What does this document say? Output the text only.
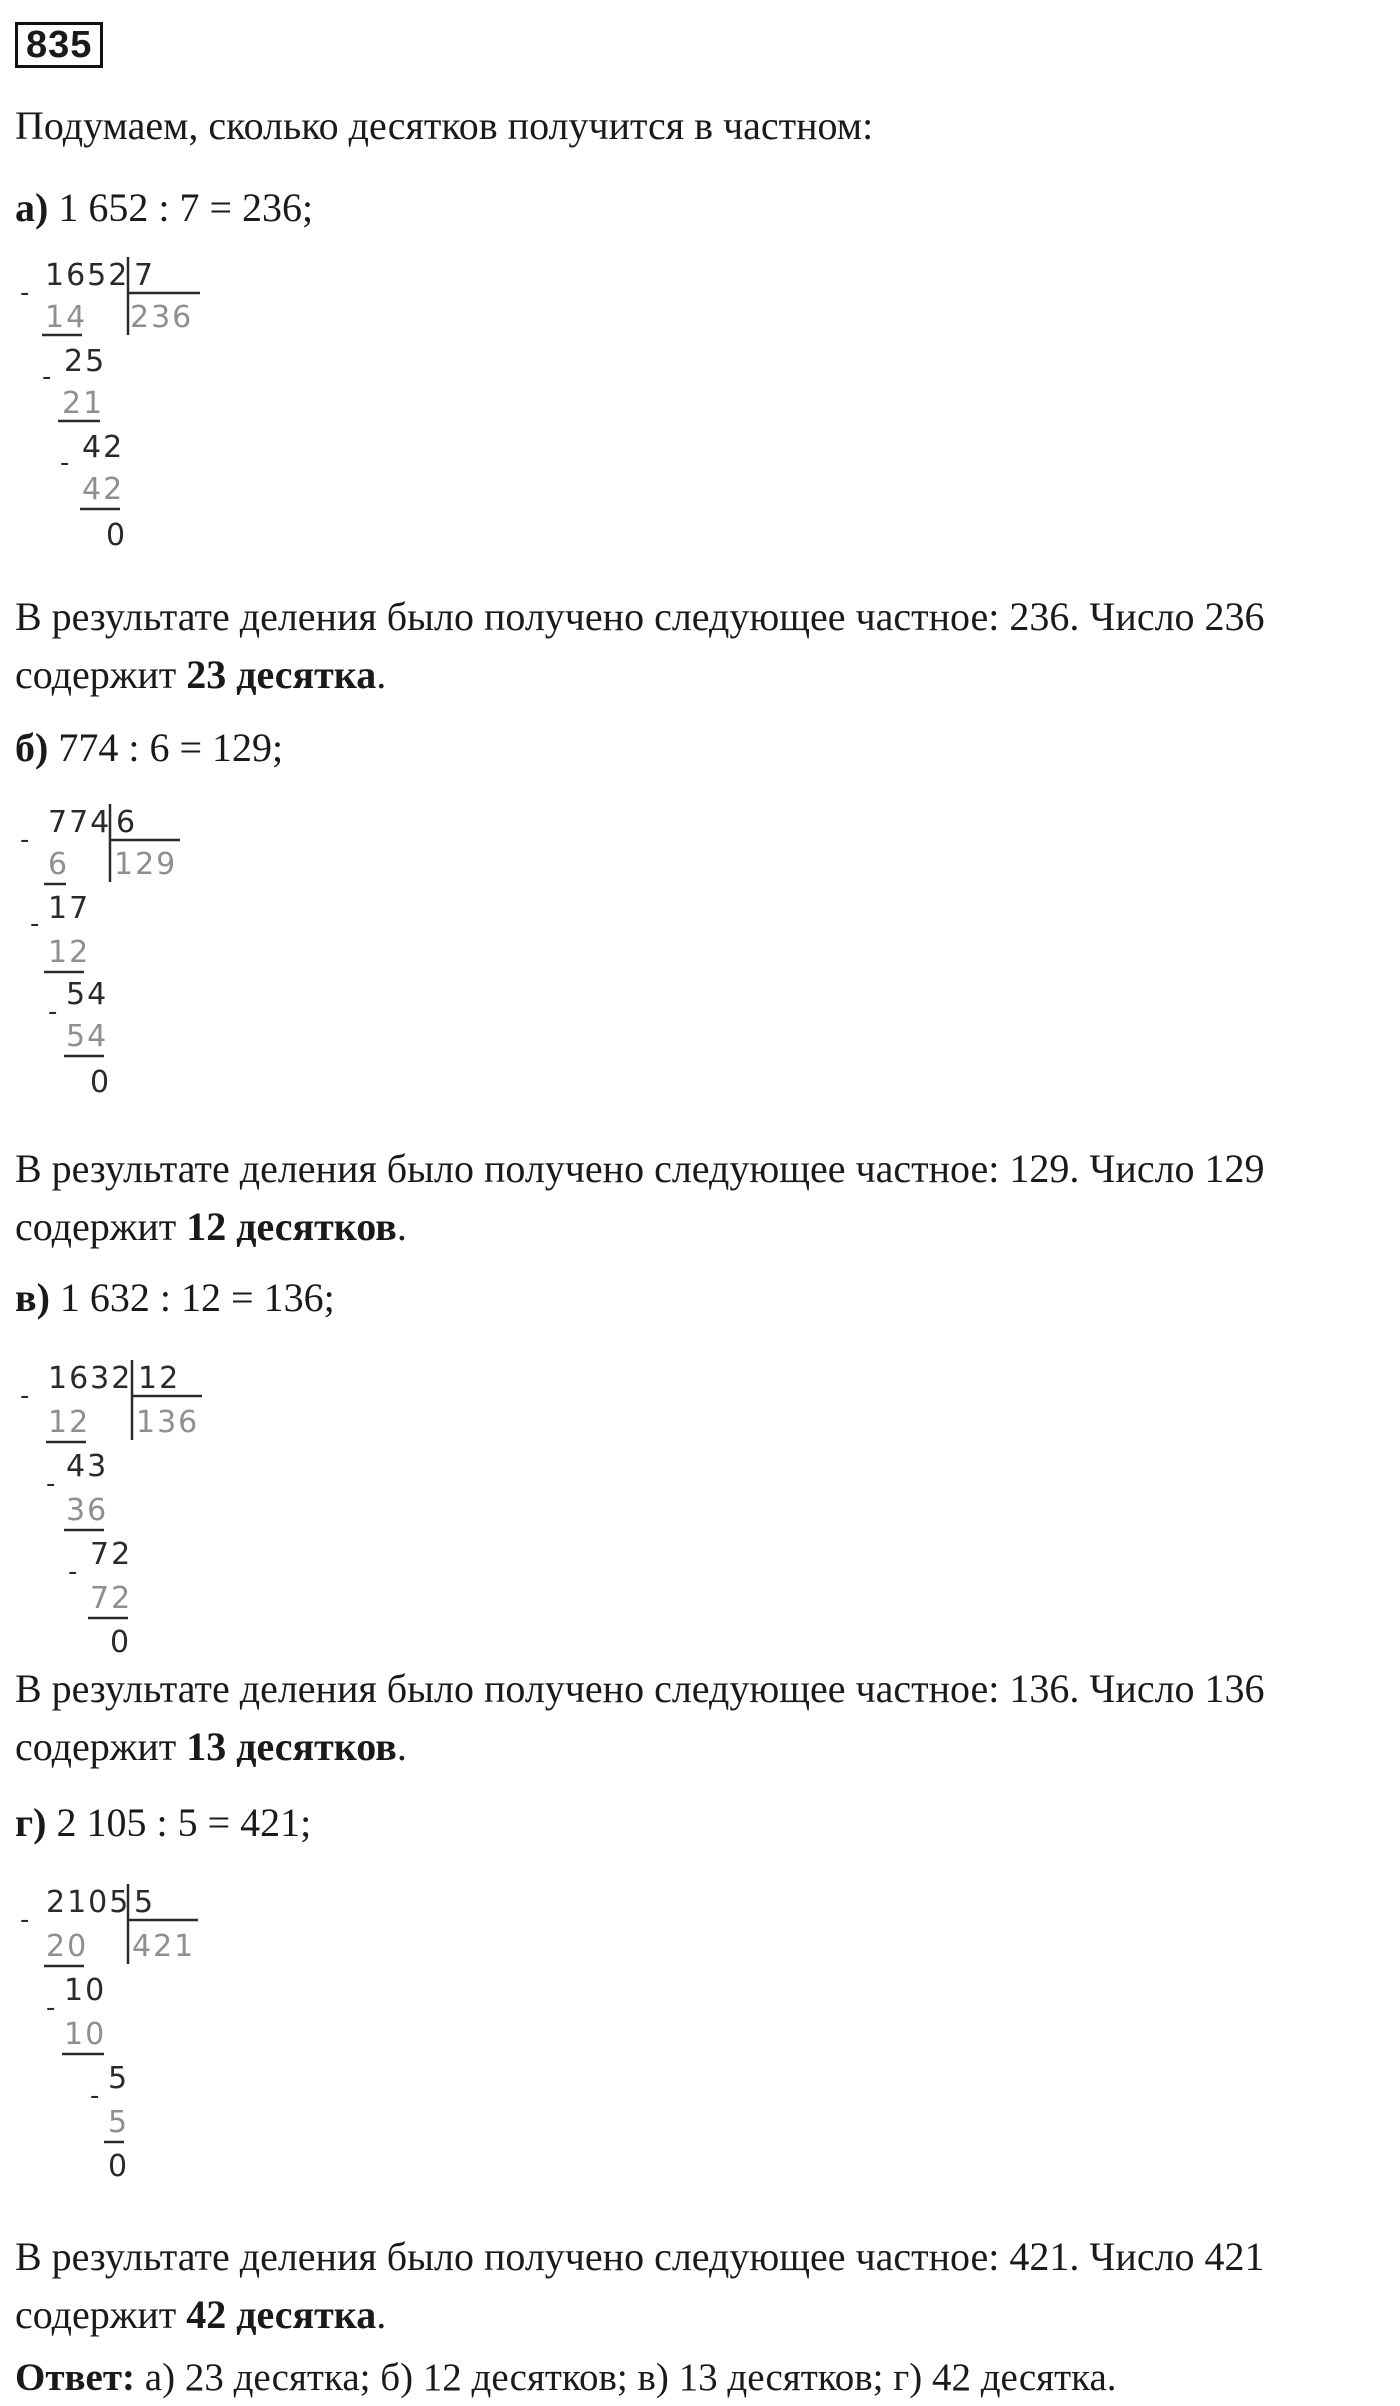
835
Подумаем, сколько десятков получится в частном:
а) 1 652 : 7 = 236;
- 1652 7
236
14
- 25
21
- 42
42
0
В результате деления было получено следующее частное: 236. Число 236 содержит 23 десятка.
б) 774 : 6 = 129;
- 774 6
129
6
- 17
12
- 54
54
0
В результате деления было получено следующее частное: 129. Число 129 содержит 12 десятков.
в) 1 632 : 12 = 136;
- 1632 12
136
12
- 43
36
- 72
72
0
В результате деления было получено следующее частное: 136. Число 136 содержит 13 десятков.
г) 2 105 : 5 = 421;
- 2105 5
421
20
- 10
10
- 5
5
0
В результате деления было получено следующее частное: 421. Число 421 содержит 42 десятка.
Ответ: а) 23 десятка; б) 12 десятков; в) 13 десятков; г) 42 десятка.
